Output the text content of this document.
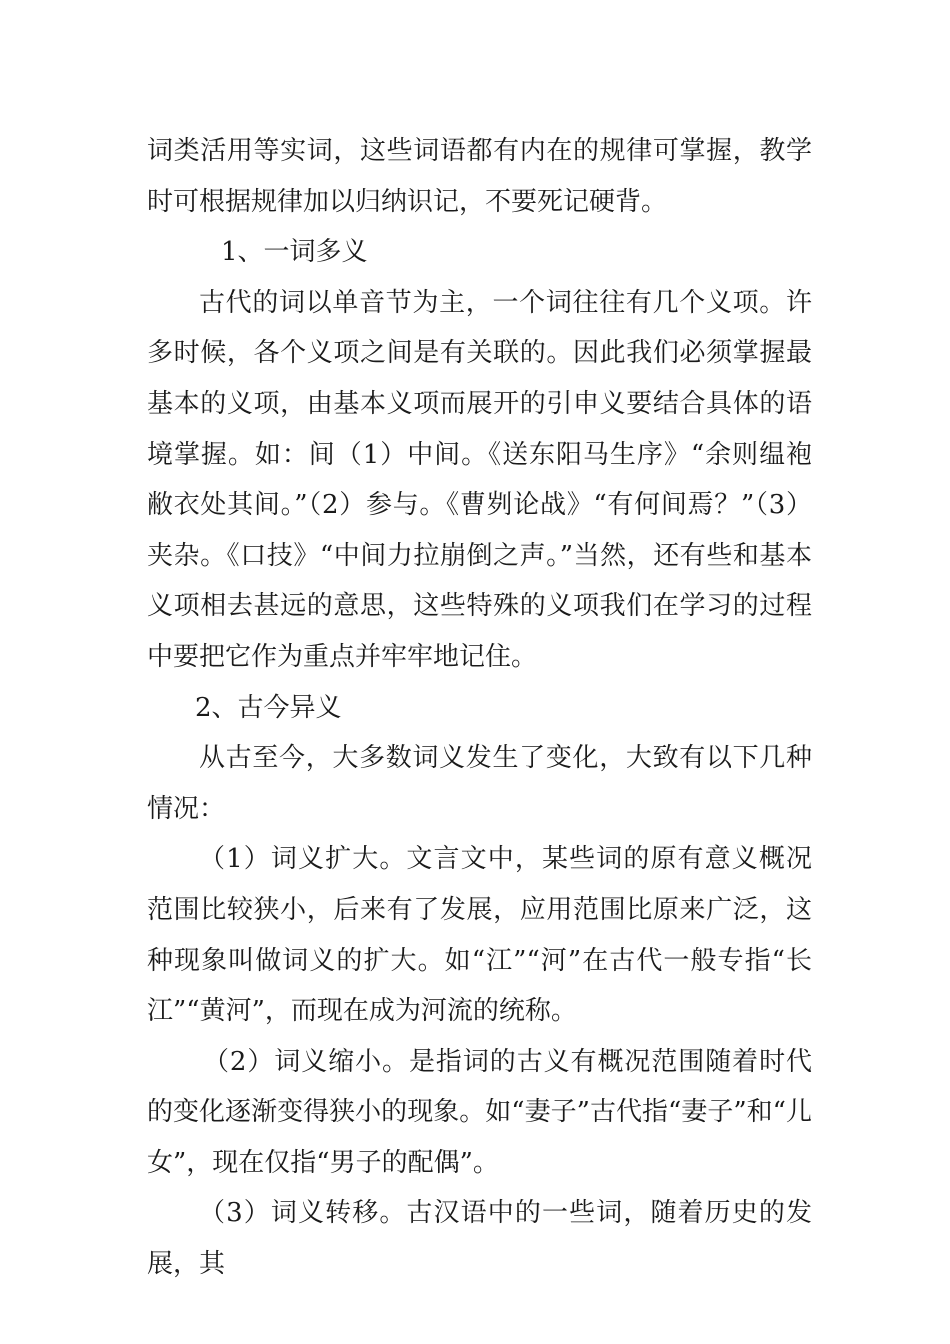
词类活用等实词，这些词语都有内在的规律可掌握，教学时可根据规律加以归纳识记，不要死记硬背。

1、一词多义

古代的词以单音节为主，一个词往往有几个义项。许多时候，各个义项之间是有关联的。因此我们必须掌握最基本的义项，由基本义项而展开的引申义要结合具体的语境掌握。如：间（1）中间。《送东阳马生序》“余则缊袍敝衣处其间。”（2）参与。《曹刿论战》“有何间焉？”（3）夹杂。《口技》“中间力拉崩倒之声。”当然，还有些和基本义项相去甚远的意思，这些特殊的义项我们在学习的过程中要把它作为重点并牢牢地记住。

2、古今异义

从古至今，大多数词义发生了变化，大致有以下几种情况：

（1）词义扩大。文言文中，某些词的原有意义概况范围比较狭小，后来有了发展，应用范围比原来广泛，这种现象叫做词义的扩大。如“江”“河”在古代一般专指“长江”“黄河”，而现在成为河流的统称。

（2）词义缩小。是指词的古义有概况范围随着时代的变化逐渐变得狭小的现象。如“妻子”古代指“妻子”和“儿女”，现在仅指“男子的配偶”。

（3）词义转移。古汉语中的一些词，随着历史的发展，其
